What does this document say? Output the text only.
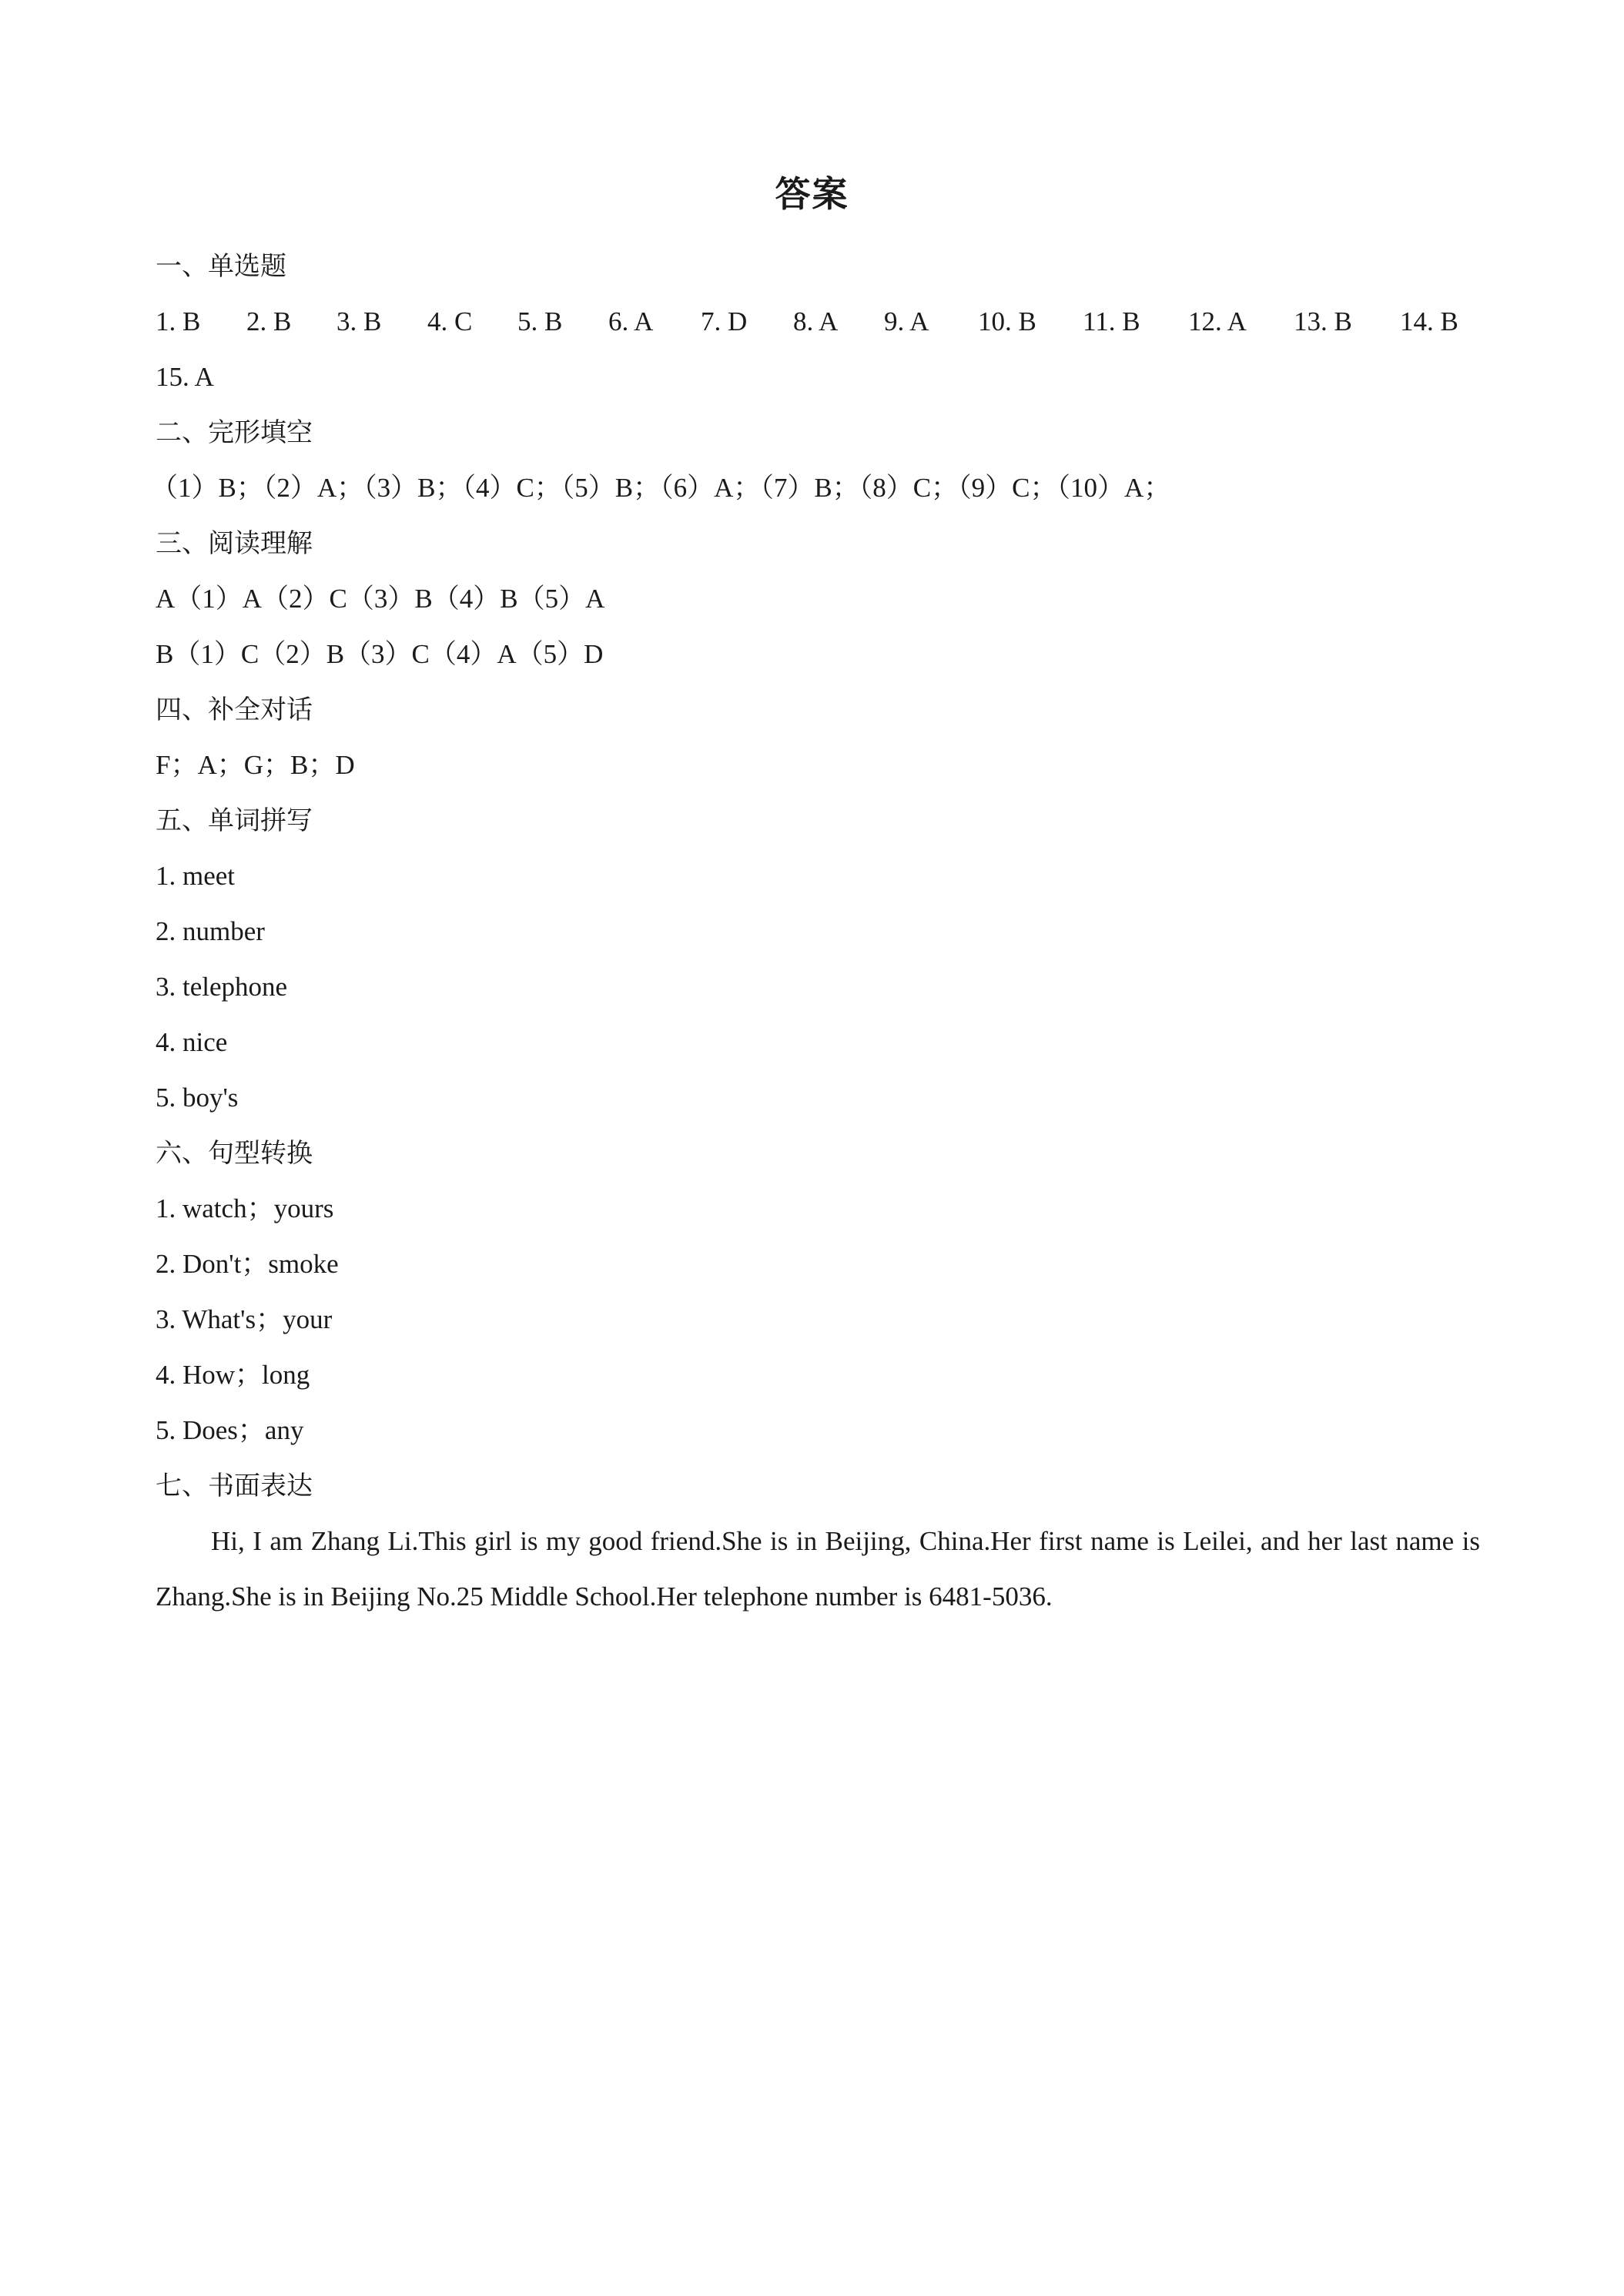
答案
一、单选题
1. B 2. B 3. B 4. C 5. B 6. A 7. D 8. A 9. A 10. B 11. B 12. A 13. B 14. B
15. A
二、完形填空
（1）B；（2）A；（3）B；（4）C；（5）B；（6）A；（7）B；（8）C；（9）C；（10）A；
三、阅读理解
A（1）A（2）C（3）B（4）B（5）A
B（1）C（2）B（3）C（4）A（5）D
四、补全对话
F；A；G；B；D
五、单词拼写
1. meet
2. number
3. telephone
4. nice
5. boy's
六、句型转换
1. watch；yours
2. Don't；smoke
3. What's；your
4. How；long
5. Does；any
七、书面表达
Hi, I am Zhang Li.This girl is my good friend.She is in Beijing, China.Her first name is Leilei, and her last name is Zhang.She is in Beijing No.25 Middle School.Her telephone number is 6481-5036.
